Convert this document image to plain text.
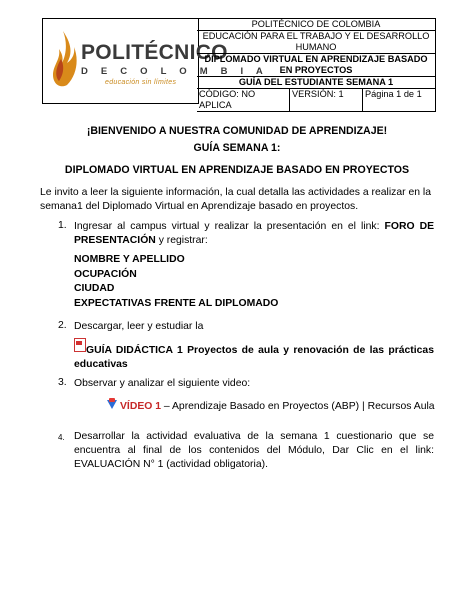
POLITÉCNICO
D E C O L O M B I A
educación sin límites
POLITÉCNICO DE COLOMBIA
EDUCACIÓN PARA EL TRABAJO Y EL DESARROLLO HUMANO
DIPLOMADO VIRTUAL EN APRENDIZAJE BASADO EN PROYECTOS
GUÍA DEL ESTUDIANTE SEMANA 1
CÓDIGO: NO APLICA
VERSIÓN: 1	Página 1 de 1
¡BIENVENIDO A NUESTRA COMUNIDAD DE APRENDIZAJE!
GUÍA SEMANA 1:
DIPLOMADO VIRTUAL EN APRENDIZAJE BASADO EN PROYECTOS
Le invito a leer la siguiente información, la cual detalla las actividades a realizar en la semana1 del Diplomado Virtual en Aprendizaje basado en proyectos.
1. Ingresar al campus virtual y realizar la presentación en el link: FORO DE PRESENTACIÓN y registrar:
NOMBRE Y APELLIDO
OCUPACIÓN
CIUDAD
EXPECTATIVAS FRENTE AL DIPLOMADO
2. Descargar, leer y estudiar la
GUÍA DIDÁCTICA 1 Proyectos de aula y renovación de las prácticas educativas
3. Observar y analizar el siguiente video:
VÍDEO 1 – Aprendizaje Basado en Proyectos (ABP) | Recursos Aula
4. Desarrollar la actividad evaluativa de la semana 1 cuestionario que se encuentra al final de los contenidos del Módulo, Dar Clic en el link: EVALUACIÓN N° 1 (actividad obligatoria).
